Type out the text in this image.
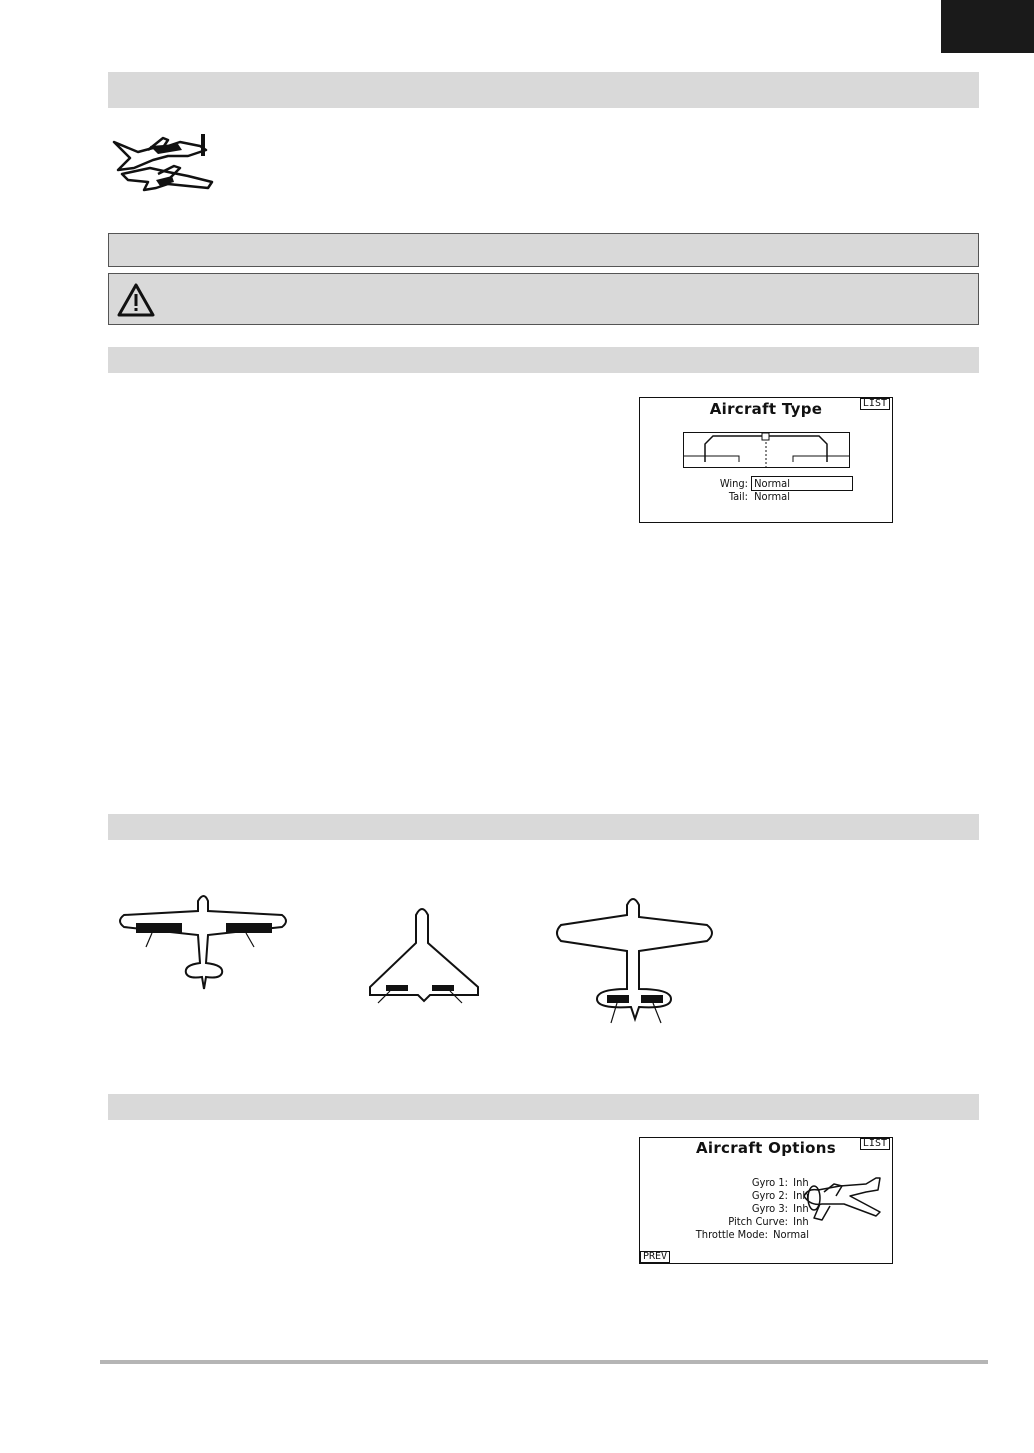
Aircraft Type	LIST
Wing: Normal
Tail: Normal
Aircraft Options	LIST
Gyro 1: Inh
Gyro 2: Inh
Gyro 3: Inh
Pitch Curve: Inh
Throttle Mode: Normal
PREV
